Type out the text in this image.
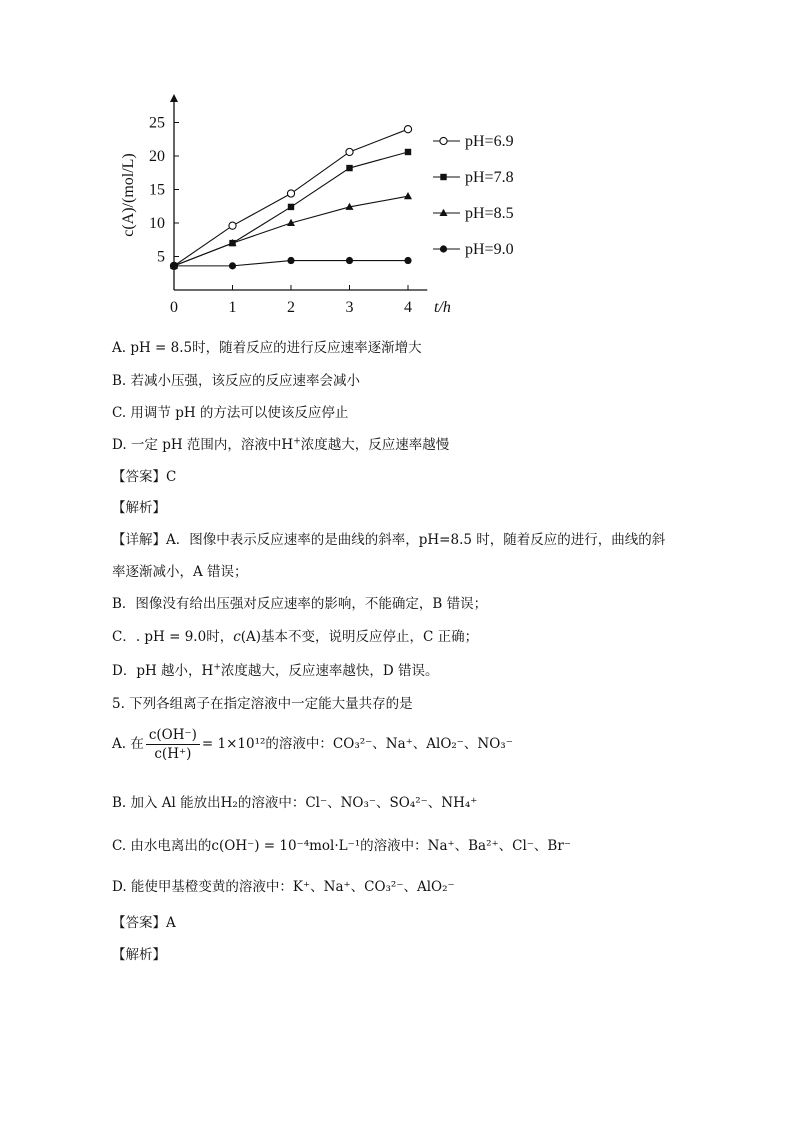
5
10
15
20
25
0	1	2	3	4
pH=6.9
pH=7.8
pH=8.5
pH=9.0
c(A)/(mol/L)
t/h
A. pH = 8.5时，随着反应的进行反应速率逐渐增大
B. 若减小压强，该反应的反应速率会减小
C. 用调节 pH 的方法可以使该反应停止
D. 一定 pH 范围内，溶液中H+浓度越大，反应速率越慢
【答案】C
【解析】
【详解】A．图像中表示反应速率的是曲线的斜率，pH=8.5 时，随着反应的进行，曲线的斜
率逐渐减小，A 错误；
B．图像没有给出压强对反应速率的影响，不能确定，B 错误；
C．. pH = 9.0时，c(A)基本不变，说明反应停止，C 正确；
D．pH 越小，H+浓度越大，反应速率越快，D 错误。
5. 下列各组离子在指定溶液中一定能大量共存的是
A. 在 $\frac{c(OH^-)}{c(H^+)} = 1\times 10^{12}$的溶液中：CO₃²⁻、Na⁺、AlO₂⁻、NO₃⁻
B. 加入 Al 能放出H₂的溶液中：Cl⁻、NO₃⁻、SO₄²⁻、NH₄⁺
C. 由水电离出的c(OH⁻) = 10⁻⁴mol·L⁻¹的溶液中：Na⁺、Ba²⁺、Cl⁻、Br⁻
D. 能使甲基橙变黄的溶液中：K⁺、Na⁺、CO₃²⁻、AlO₂⁻
【答案】A
【解析】
